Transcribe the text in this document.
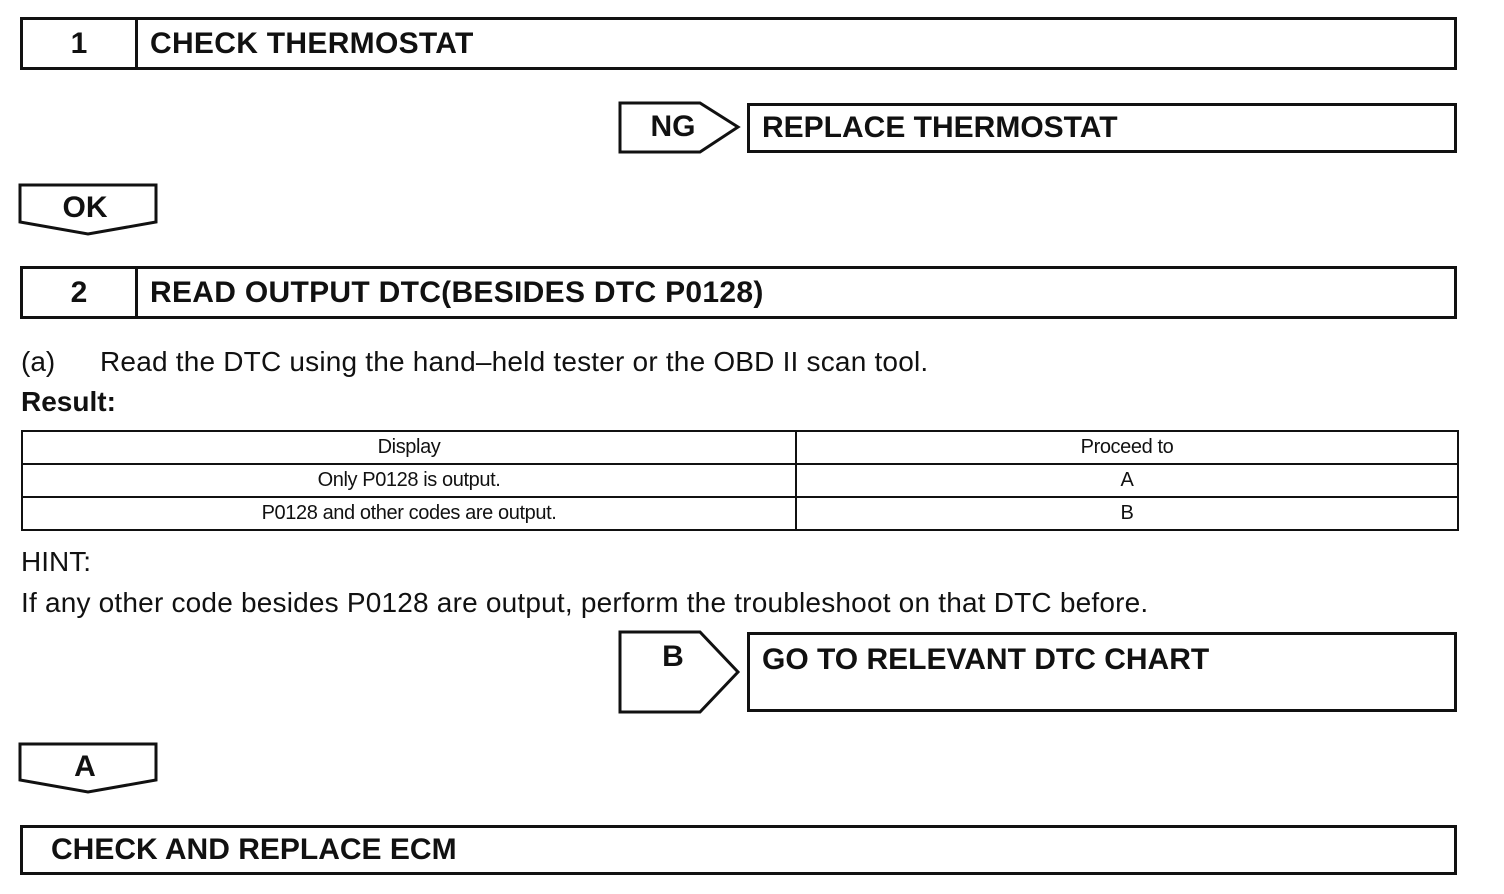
1	CHECK THERMOSTAT
NG	REPLACE THERMOSTAT
OK
2	READ OUTPUT DTC(BESIDES DTC P0128)
(a) Read the DTC using the hand–held tester or the OBD II scan tool.
Result:
Display	Proceed to
Only P0128 is output.	A
P0128 and other codes are output.	B
HINT:
If any other code besides P0128 are output, perform the troubleshoot on that DTC before.
B	GO TO RELEVANT DTC CHART
A
CHECK AND REPLACE ECM
